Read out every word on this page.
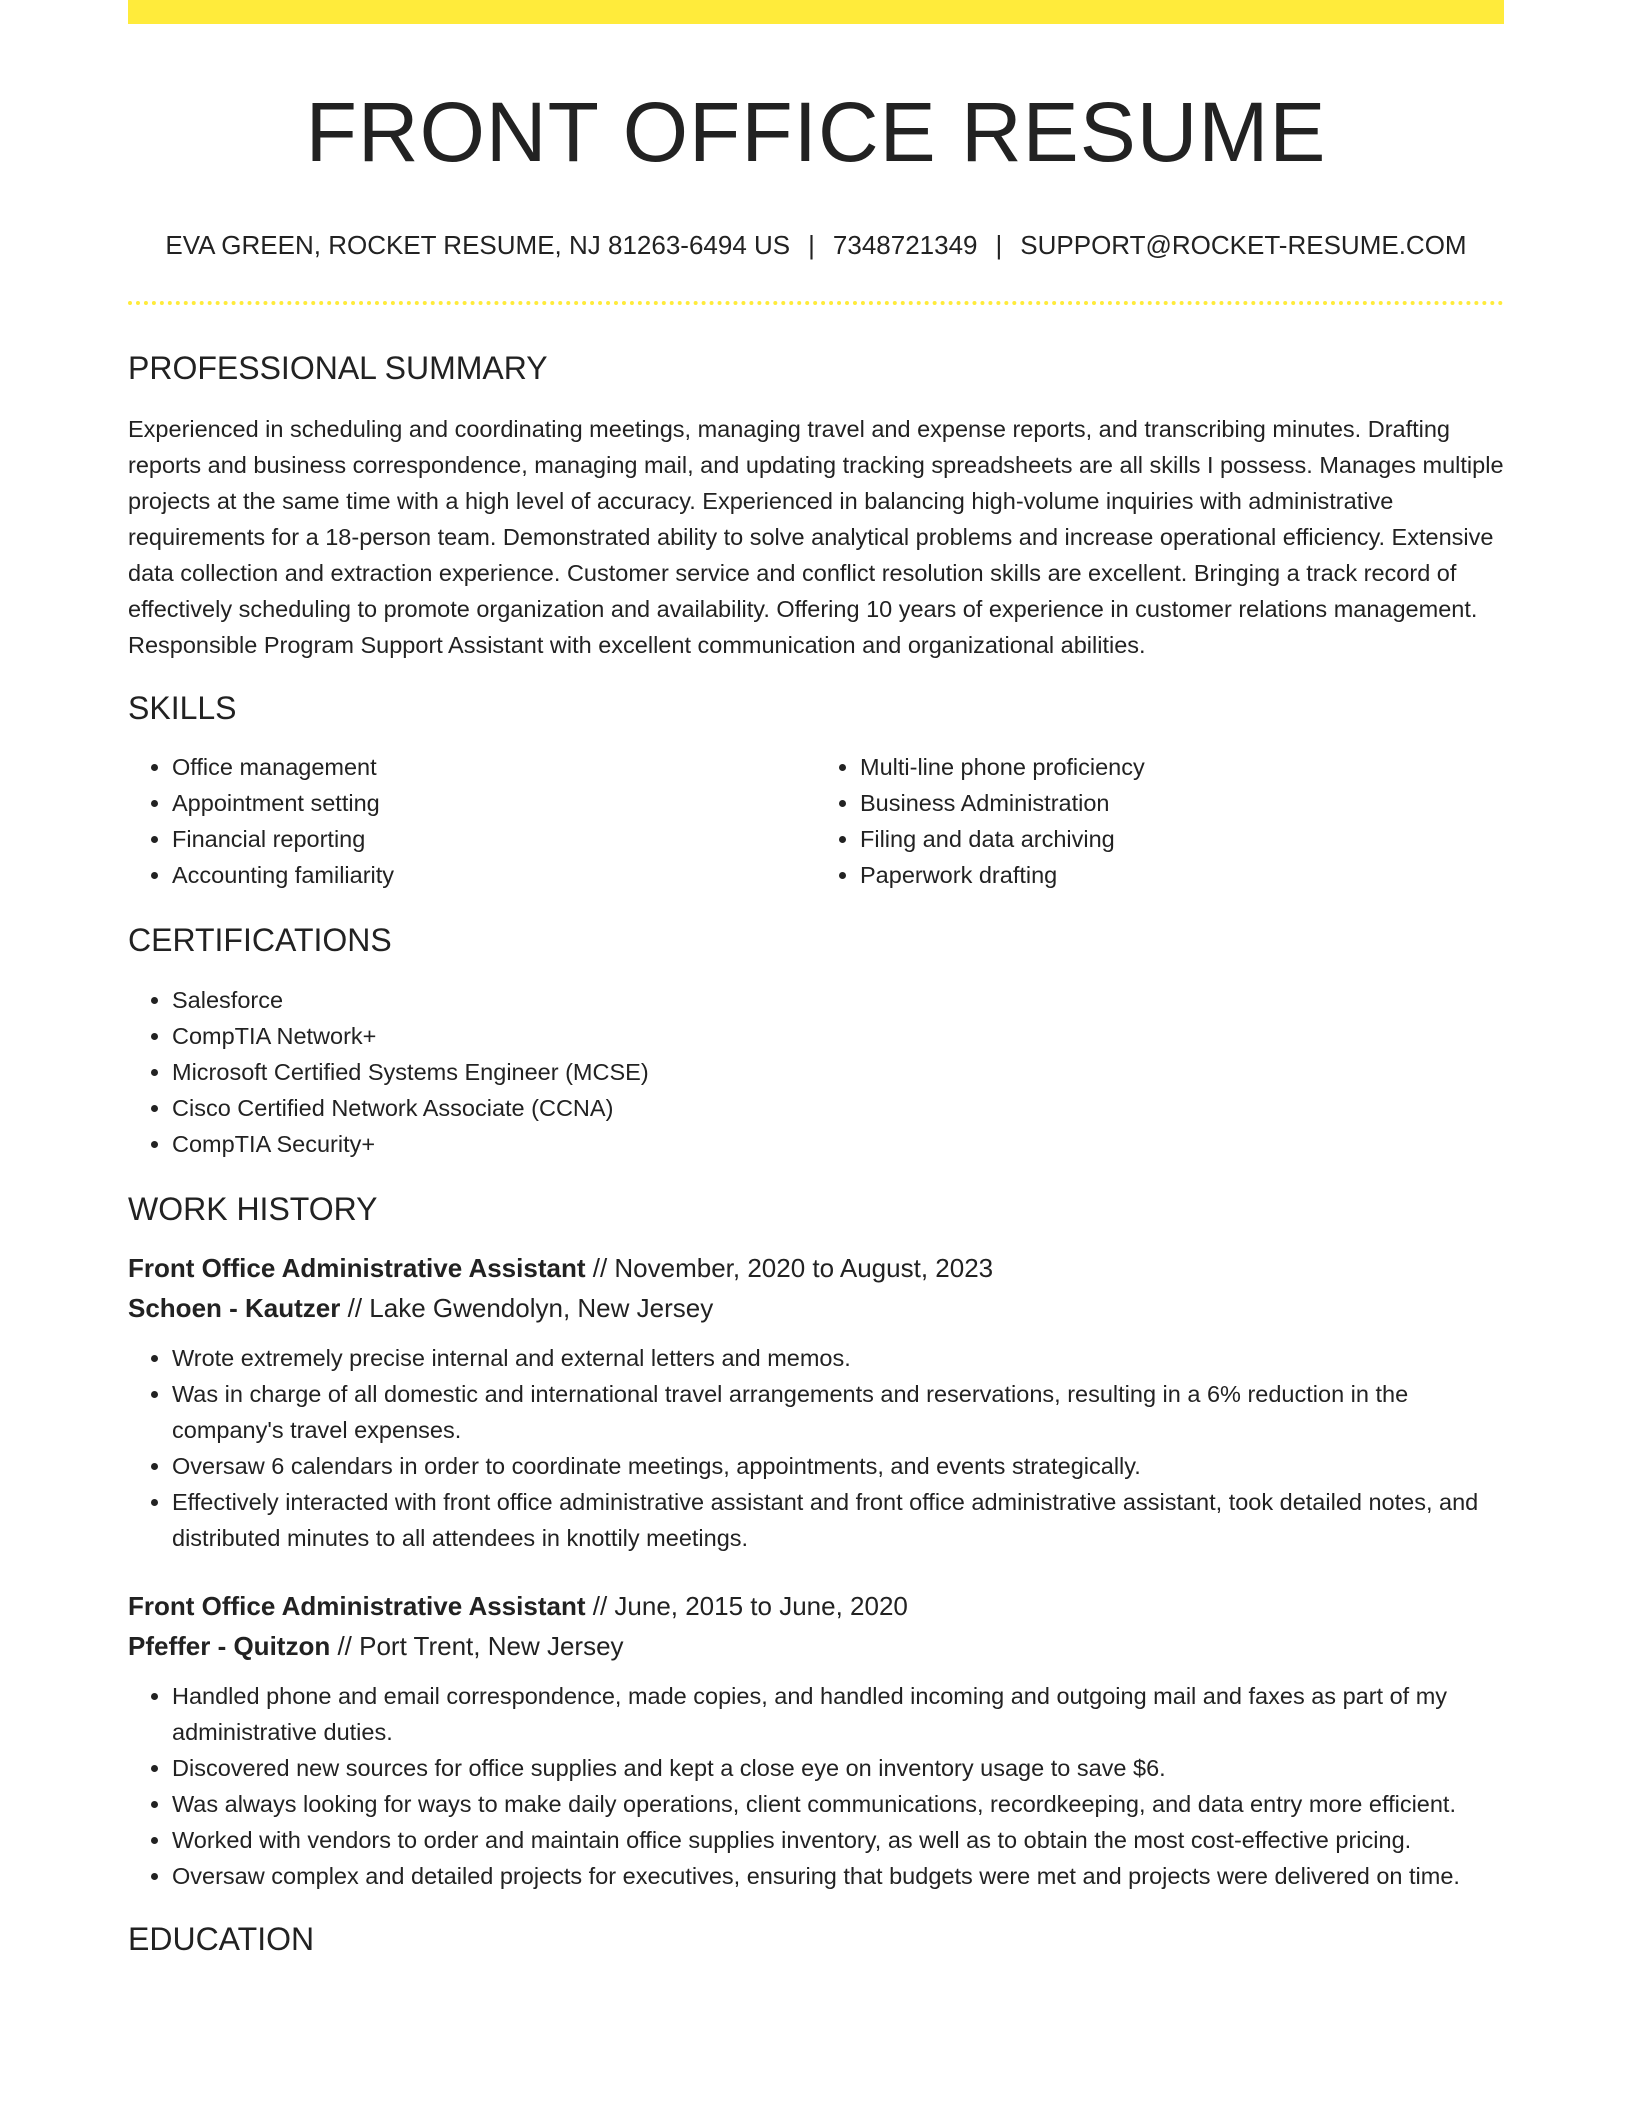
FRONT OFFICE RESUME
EVA GREEN, ROCKET RESUME, NJ 81263-6494 US | 7348721349 | SUPPORT@ROCKET-RESUME.COM
PROFESSIONAL SUMMARY

Experienced in scheduling and coordinating meetings, managing travel and expense reports, and transcribing minutes. Drafting reports and business correspondence, managing mail, and updating tracking spreadsheets are all skills I possess. Manages multiple projects at the same time with a high level of accuracy. Experienced in balancing high-volume inquiries with administrative requirements for a 18-person team. Demonstrated ability to solve analytical problems and increase operational efficiency. Extensive data collection and extraction experience. Customer service and conflict resolution skills are excellent. Bringing a track record of effectively scheduling to promote organization and availability. Offering 10 years of experience in customer relations management. Responsible Program Support Assistant with excellent communication and organizational abilities.

SKILLS
• Office management
• Appointment setting
• Financial reporting
• Accounting familiarity
• Multi-line phone proficiency
• Business Administration
• Filing and data archiving
• Paperwork drafting
CERTIFICATIONS
• Salesforce
• CompTIA Network+
• Microsoft Certified Systems Engineer (MCSE)
• Cisco Certified Network Associate (CCNA)
• CompTIA Security+
WORK HISTORY
Front Office Administrative Assistant // November, 2020 to August, 2023
Schoen - Kautzer // Lake Gwendolyn, New Jersey
• Wrote extremely precise internal and external letters and memos.
• Was in charge of all domestic and international travel arrangements and reservations, resulting in a 6% reduction in the company's travel expenses.
• Oversaw 6 calendars in order to coordinate meetings, appointments, and events strategically.
• Effectively interacted with front office administrative assistant and front office administrative assistant, took detailed notes, and distributed minutes to all attendees in knottily meetings.
Front Office Administrative Assistant // June, 2015 to June, 2020
Pfeffer - Quitzon // Port Trent, New Jersey
• Handled phone and email correspondence, made copies, and handled incoming and outgoing mail and faxes as part of my administrative duties.
• Discovered new sources for office supplies and kept a close eye on inventory usage to save $6.
• Was always looking for ways to make daily operations, client communications, recordkeeping, and data entry more efficient.
• Worked with vendors to order and maintain office supplies inventory, as well as to obtain the most cost-effective pricing.
• Oversaw complex and detailed projects for executives, ensuring that budgets were met and projects were delivered on time.
EDUCATION
